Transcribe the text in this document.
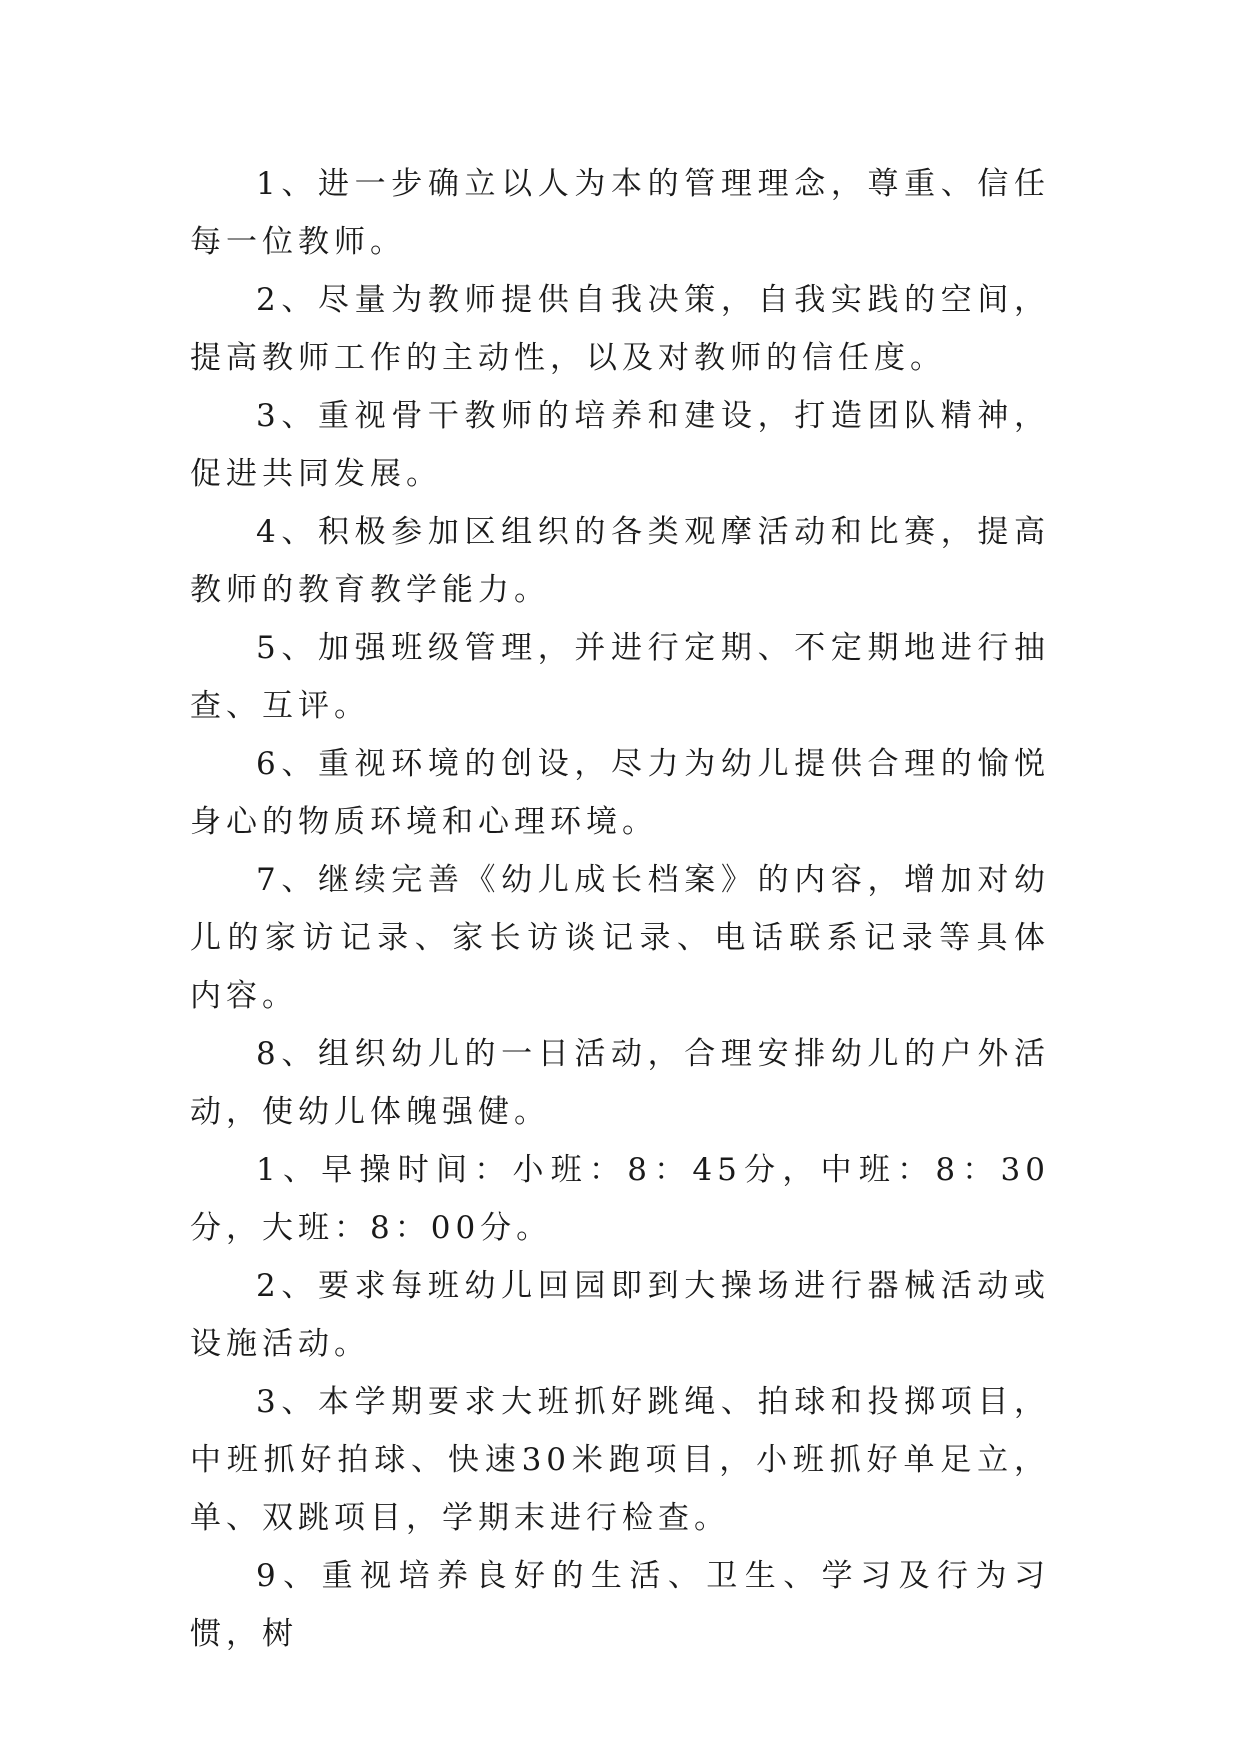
1、进一步确立以人为本的管理理念，尊重、信任每一位教师。

2、尽量为教师提供自我决策，自我实践的空间，提高教师工作的主动性，以及对教师的信任度。

3、重视骨干教师的培养和建设，打造团队精神，促进共同发展。

4、积极参加区组织的各类观摩活动和比赛，提高教师的教育教学能力。

5、加强班级管理，并进行定期、不定期地进行抽查、互评。

6、重视环境的创设，尽力为幼儿提供合理的愉悦身心的物质环境和心理环境。

7、继续完善《幼儿成长档案》的内容，增加对幼儿的家访记录、家长访谈记录、电话联系记录等具体内容。

8、组织幼儿的一日活动，合理安排幼儿的户外活动，使幼儿体魄强健。

1、早操时间：小班：8：45分，中班：8：30分，大班：8：00分。

2、要求每班幼儿回园即到大操场进行器械活动或设施活动。

3、本学期要求大班抓好跳绳、拍球和投掷项目，中班抓好拍球、快速30米跑项目，小班抓好单足立，单、双跳项目，学期末进行检查。

9、重视培养良好的生活、卫生、学习及行为习惯，树
